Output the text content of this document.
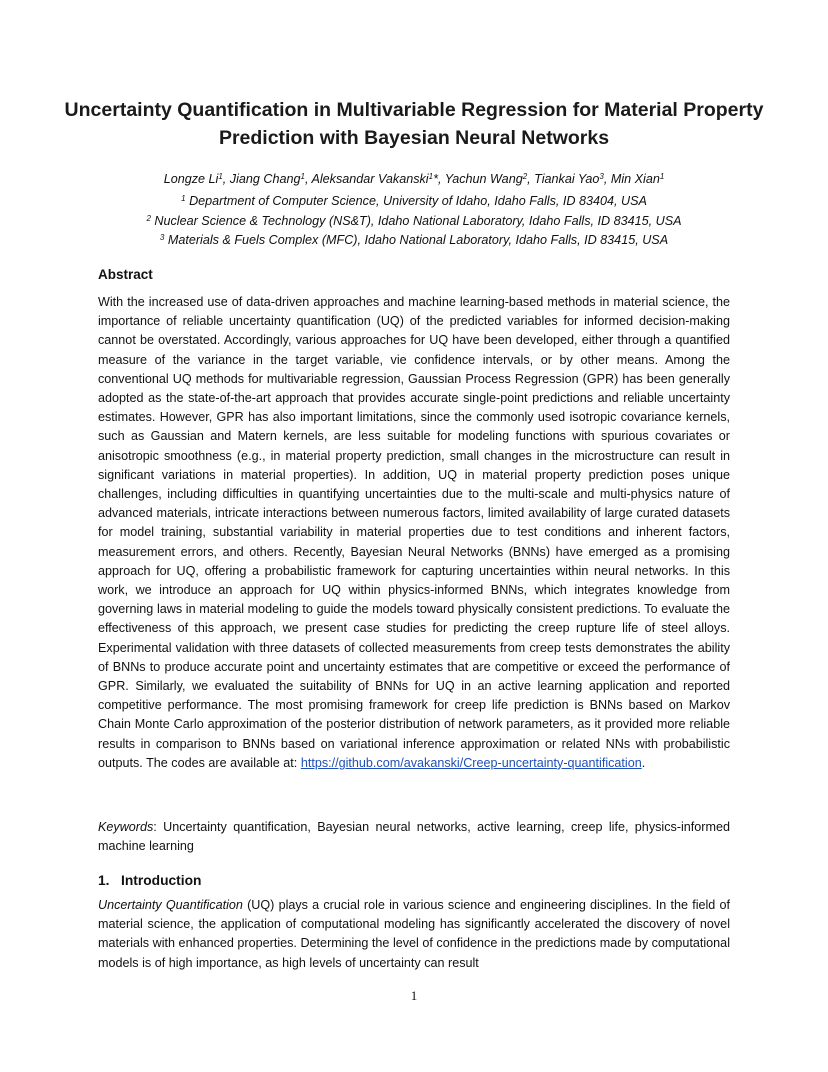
Uncertainty Quantification in Multivariable Regression for Material Property Prediction with Bayesian Neural Networks
Longze Li$^1$, Jiang Chang$^1$, Aleksandar Vakanski$^1$*, Yachun Wang$^2$, Tiankai Yao$^3$, Min Xian$^1$
$^1$ Department of Computer Science, University of Idaho, Idaho Falls, ID 83404, USA
$^2$ Nuclear Science & Technology (NS&T), Idaho National Laboratory, Idaho Falls, ID 83415, USA
$^3$ Materials & Fuels Complex (MFC), Idaho National Laboratory, Idaho Falls, ID 83415, USA
Abstract

With the increased use of data-driven approaches and machine learning-based methods in material science, the importance of reliable uncertainty quantification (UQ) of the predicted variables for informed decision-making cannot be overstated. Accordingly, various approaches for UQ have been developed, either through a quantified measure of the variance in the target variable, vie confidence intervals, or by other means. Among the conventional UQ methods for multivariable regression, Gaussian Process Regression (GPR) has been generally adopted as the state-of-the-art approach that provides accurate single-point predictions and reliable uncertainty estimates. However, GPR has also important limitations, since the commonly used isotropic covariance kernels, such as Gaussian and Matern kernels, are less suitable for modeling functions with spurious covariates or anisotropic smoothness (e.g., in material property prediction, small changes in the microstructure can result in significant variations in material properties). In addition, UQ in material property prediction poses unique challenges, including difficulties in quantifying uncertainties due to the multi-scale and multi-physics nature of advanced materials, intricate interactions between numerous factors, limited availability of large curated datasets for model training, substantial variability in material properties due to test conditions and inherent factors, measurement errors, and others. Recently, Bayesian Neural Networks (BNNs) have emerged as a promising approach for UQ, offering a probabilistic framework for capturing uncertainties within neural networks. In this work, we introduce an approach for UQ within physics-informed BNNs, which integrates knowledge from governing laws in material modeling to guide the models toward physically consistent predictions. To evaluate the effectiveness of this approach, we present case studies for predicting the creep rupture life of steel alloys. Experimental validation with three datasets of collected measurements from creep tests demonstrates the ability of BNNs to produce accurate point and uncertainty estimates that are competitive or exceed the performance of GPR. Similarly, we evaluated the suitability of BNNs for UQ in an active learning application and reported competitive performance. The most promising framework for creep life prediction is BNNs based on Markov Chain Monte Carlo approximation of the posterior distribution of network parameters, as it provided more reliable results in comparison to BNNs based on variational inference approximation or related NNs with probabilistic outputs. The codes are available at: https://github.com/avakanski/Creep-uncertainty-quantification.

Keywords: Uncertainty quantification, Bayesian neural networks, active learning, creep life, physics-informed machine learning

1. Introduction

Uncertainty Quantification (UQ) plays a crucial role in various science and engineering disciplines. In the field of material science, the application of computational modeling has significantly accelerated the discovery of novel materials with enhanced properties. Determining the level of confidence in the predictions made by computational models is of high importance, as high levels of uncertainty can result

1
